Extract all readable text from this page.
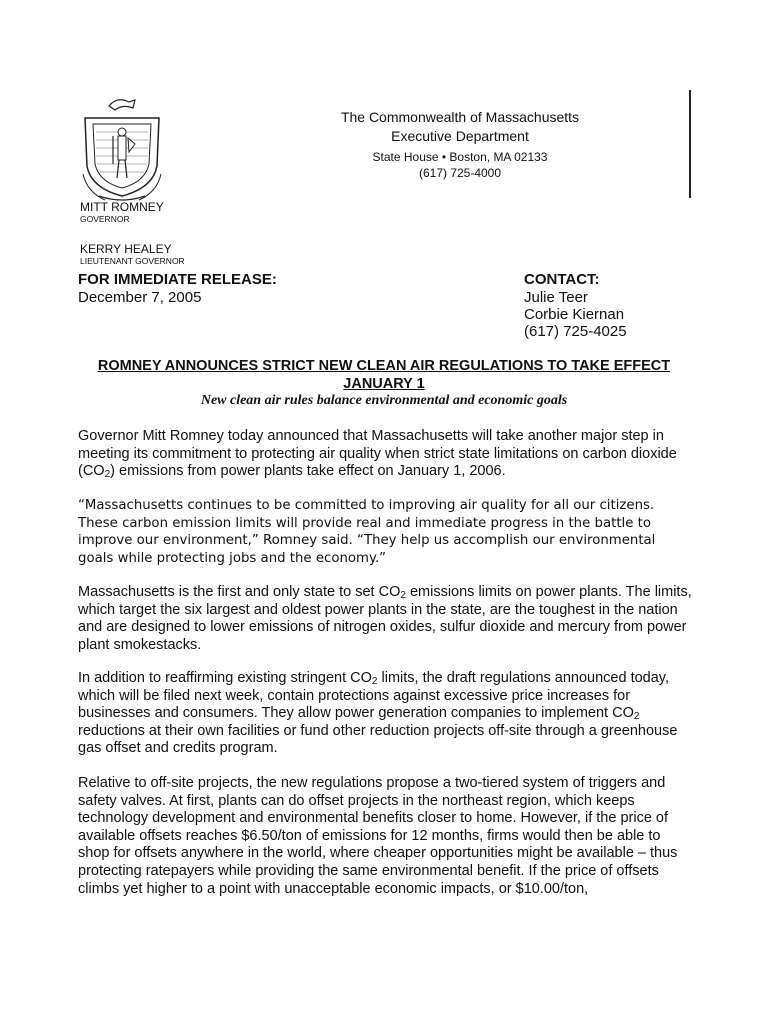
The Commonwealth of Massachusetts
Executive Department
State House • Boston, MA 02133
(617) 725-4000
MITT ROMNEY
GOVERNOR
KERRY HEALEY
LIEUTENANT GOVERNOR
FOR IMMEDIATE RELEASE:
December 7, 2005
CONTACT:
Julie Teer
Corbie Kiernan
(617) 725-4025
ROMNEY ANNOUNCES STRICT NEW CLEAN AIR REGULATIONS TO TAKE EFFECT JANUARY 1
New clean air rules balance environmental and economic goals

Governor Mitt Romney today announced that Massachusetts will take another major step in meeting its commitment to protecting air quality when strict state limitations on carbon dioxide $(CO_2)$ emissions from power plants take effect on January 1, 2006.

“Massachusetts continues to be committed to improving air quality for all our citizens. These carbon emission limits will provide real and immediate progress in the battle to improve our environment,” Romney said. “They help us accomplish our environmental goals while protecting jobs and the economy.”

Massachusetts is the first and only state to set $CO_2$ emissions limits on power plants. The limits, which target the six largest and oldest power plants in the state, are the toughest in the nation and are designed to lower emissions of nitrogen oxides, sulfur dioxide and mercury from power plant smokestacks.

In addition to reaffirming existing stringent $CO_2$ limits, the draft regulations announced today, which will be filed next week, contain protections against excessive price increases for businesses and consumers. They allow power generation companies to implement $CO_2$ reductions at their own facilities or fund other reduction projects off-site through a greenhouse gas offset and credits program.

Relative to off-site projects, the new regulations propose a two-tiered system of triggers and safety valves. At first, plants can do offset projects in the northeast region, which keeps technology development and environmental benefits closer to home. However, if the price of available offsets reaches $6.50/ton of emissions for 12 months, firms would then be able to shop for offsets anywhere in the world, where cheaper opportunities might be available – thus protecting ratepayers while providing the same environmental benefit. If the price of offsets climbs yet higher to a point with unacceptable economic impacts, or $10.00/ton,
